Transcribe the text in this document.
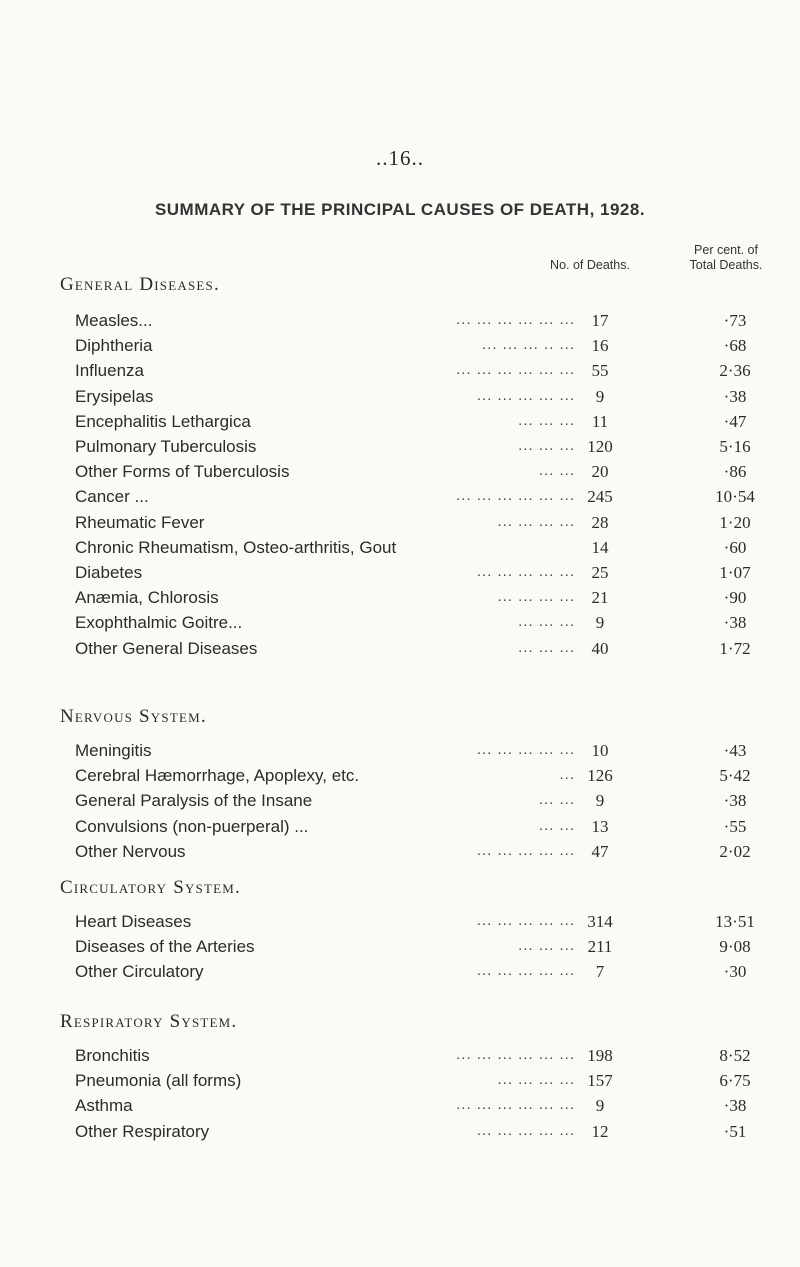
..16..
SUMMARY OF THE PRINCIPAL CAUSES OF DEATH, 1928.
No. of Deaths.
Per cent. of Total Deaths.
General Diseases.
Measles...	... ... ... ... ... ... 17	·73
Diphtheria	... ... ... .. ... 16	·68
Influenza	... ... ... ... ... ... 55	2·36
Erysipelas	... ... ... ... ...	9	·38
Encephalitis Lethargica	... ... ... 11	·47
Pulmonary Tuberculosis	... ... ... 120	5·16
Other Forms of Tuberculosis	... ... 20	·86
Cancer ...	... ... ... ... ... ... 245	10·54
Rheumatic Fever	... ... ... ... 28	1·20
Chronic Rheumatism, Osteo-arthritis, Gout	14	·60
Diabetes	... ... ... ... ... 25	1·07
Anæmia, Chlorosis	... ... ... ... 21	·90
Exophthalmic Goitre...	... ... ...	9	·38
Other General Diseases	... ... ... 40	1·72
Nervous System.
Meningitis	... ... ... ... ... 10	·43
Cerebral Hæmorrhage, Apoplexy, etc.	... 126	5·42
General Paralysis of the Insane	... ...	9	·38
Convulsions (non-puerperal) ...	... ... 13	·55
Other Nervous	... ... ... ... ... 47	2·02
Circulatory System.
Heart Diseases	... ... ... ... ... 314	13·51
Diseases of the Arteries	... ... ... 211	9·08
Other Circulatory	... ... ... ... ...	7	·30
Respiratory System.
Bronchitis	... ... ... ... ... ... 198	8·52
Pneumonia (all forms)	... ... ... ... 157	6·75
Asthma	... ... ... ... ... ...	9	·38
Other Respiratory	... ... ... ... ... 12	·51
